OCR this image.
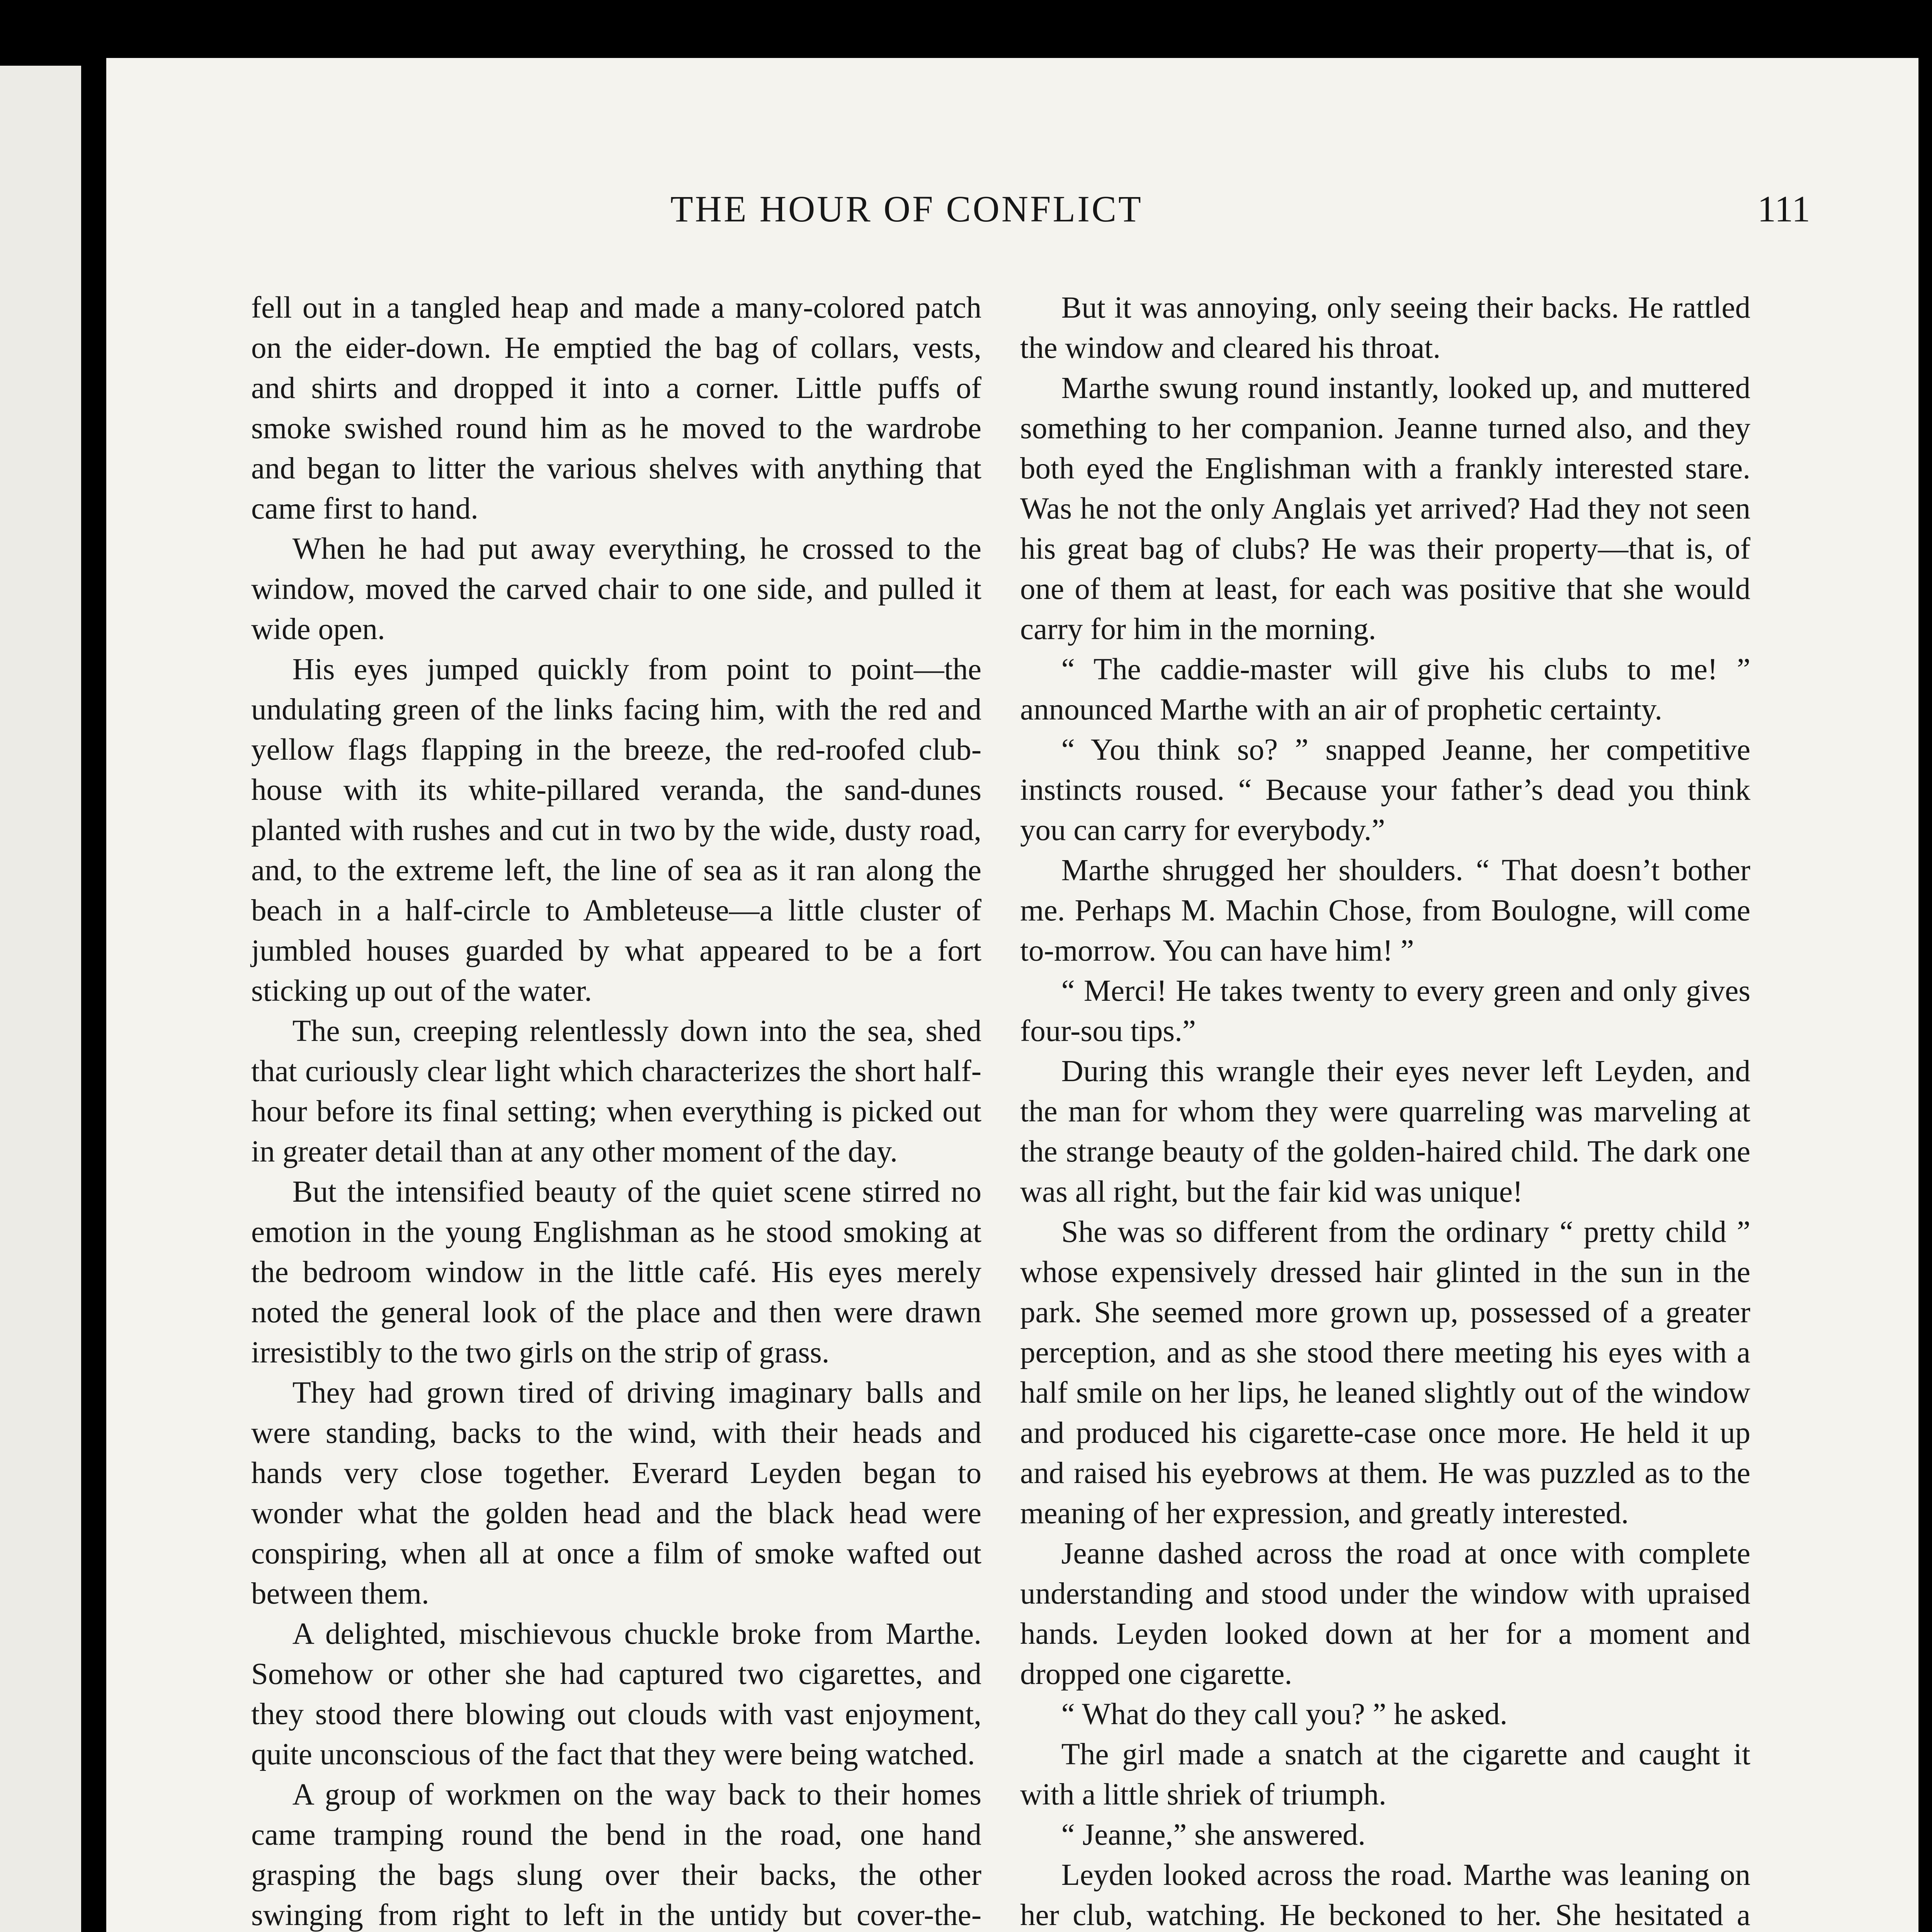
THE HOUR OF CONFLICT	111

fell out in a tangled heap and made a many-colored patch on the eider-down. He emptied the bag of collars, vests, and shirts and dropped it into a corner. Little puffs of smoke swished round him as he moved to the wardrobe and began to litter the various shelves with anything that came first to hand.

When he had put away everything, he crossed to the window, moved the carved chair to one side, and pulled it wide open.

His eyes jumped quickly from point to point—the undulating green of the links facing him, with the red and yellow flags flapping in the breeze, the red-roofed club-house with its white-pillared veranda, the sand-dunes planted with rushes and cut in two by the wide, dusty road, and, to the extreme left, the line of sea as it ran along the beach in a half-circle to Ambleteuse—a little cluster of jumbled houses guarded by what appeared to be a fort sticking up out of the water.

The sun, creeping relentlessly down into the sea, shed that curiously clear light which characterizes the short half-hour before its final setting; when everything is picked out in greater detail than at any other moment of the day.

But the intensified beauty of the quiet scene stirred no emotion in the young Englishman as he stood smoking at the bedroom window in the little café. His eyes merely noted the general look of the place and then were drawn irresistibly to the two girls on the strip of grass.

They had grown tired of driving imaginary balls and were standing, backs to the wind, with their heads and hands very close together. Everard Leyden began to wonder what the golden head and the black head were conspiring, when all at once a film of smoke wafted out between them.

A delighted, mischievous chuckle broke from Marthe. Somehow or other she had captured two cigarettes, and they stood there blowing out clouds with vast enjoyment, quite unconscious of the fact that they were being watched.

A group of workmen on the way back to their homes came tramping round the bend in the road, one hand grasping the bags slung over their backs, the other swinging from right to left in the untidy but cover-the-

But it was annoying, only seeing their backs. He rattled the window and cleared his throat.

Marthe swung round instantly, looked up, and muttered something to her companion. Jeanne turned also, and they both eyed the Englishman with a frankly interested stare. Was he not the only Anglais yet arrived? Had they not seen his great bag of clubs? He was their property—that is, of one of them at least, for each was positive that she would carry for him in the morning.

“ The caddie-master will give his clubs to me! ” announced Marthe with an air of prophetic certainty.

“ You think so? ” snapped Jeanne, her competitive instincts roused. “ Because your father’s dead you think you can carry for everybody.”

Marthe shrugged her shoulders. “ That doesn’t bother me. Perhaps M. Machin Chose, from Boulogne, will come to-morrow. You can have him! ”

“ Merci! He takes twenty to every green and only gives four-sou tips.”

During this wrangle their eyes never left Leyden, and the man for whom they were quarreling was marveling at the strange beauty of the golden-haired child. The dark one was all right, but the fair kid was unique!

She was so different from the ordinary “ pretty child ” whose expensively dressed hair glinted in the sun in the park. She seemed more grown up, possessed of a greater perception, and as she stood there meeting his eyes with a half smile on her lips, he leaned slightly out of the window and produced his cigarette-case once more. He held it up and raised his eyebrows at them. He was puzzled as to the meaning of her expression, and greatly interested.

Jeanne dashed across the road at once with complete understanding and stood under the window with upraised hands. Leyden looked down at her for a moment and dropped one cigarette.

“ What do they call you? ” he asked.

The girl made a snatch at the cigarette and caught it with a little shriek of triumph.

“ Jeanne,” she answered.

Leyden looked across the road. Marthe was leaning on her club, watching. He beckoned to her. She hesitated a
